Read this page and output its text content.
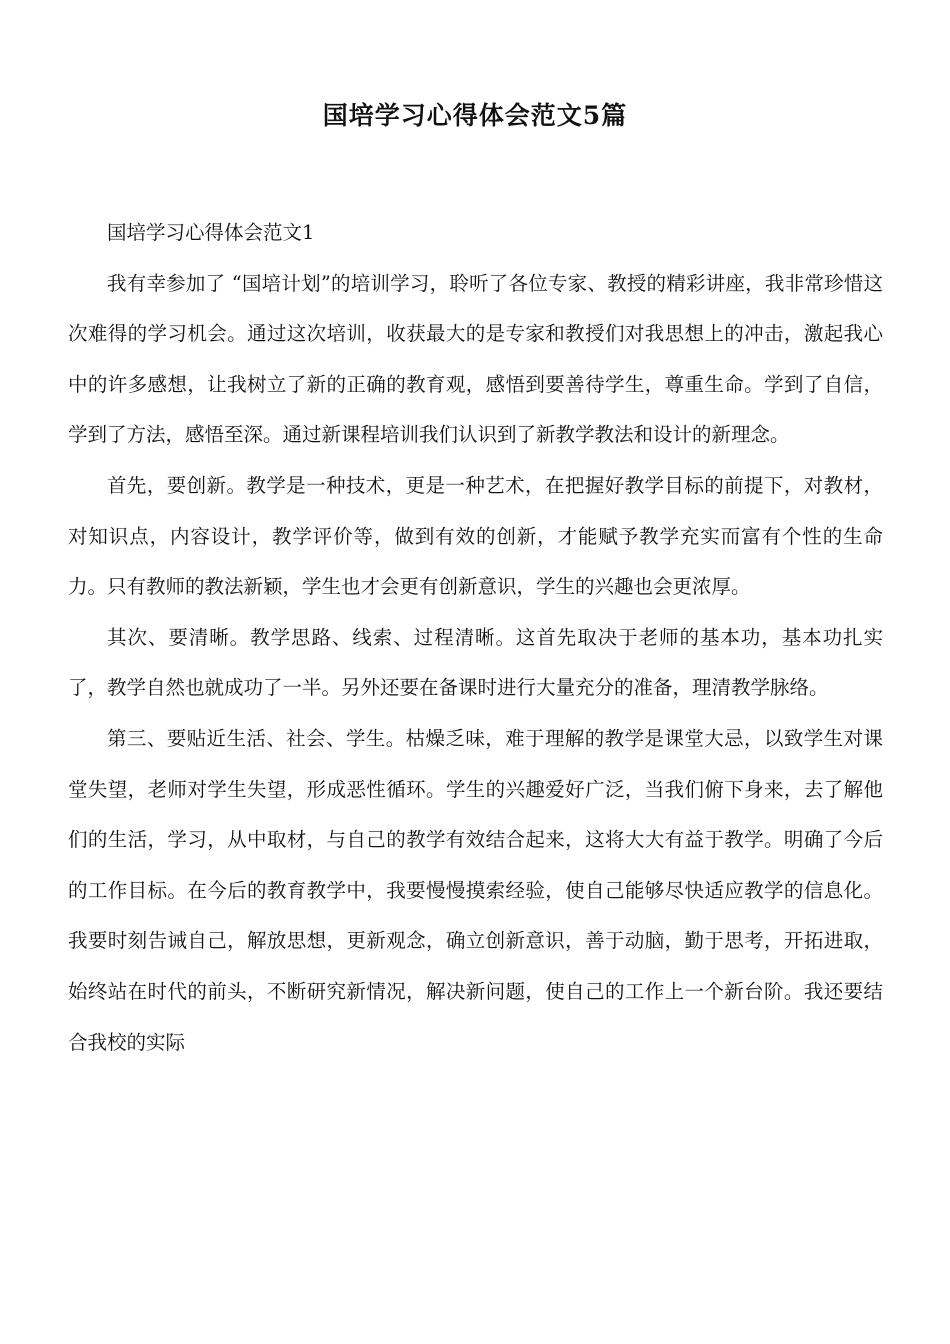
国培学习心得体会范文5篇

国培学习心得体会范文1

我有幸参加了 “国培计划”的培训学习，聆听了各位专家、教授的精彩讲座，我非常珍惜这次难得的学习机会。通过这次培训，收获最大的是专家和教授们对我思想上的冲击，激起我心中的许多感想，让我树立了新的正确的教育观，感悟到要善待学生，尊重生命。学到了自信，学到了方法，感悟至深。通过新课程培训我们认识到了新教学教法和设计的新理念。

首先，要创新。教学是一种技术，更是一种艺术，在把握好教学目标的前提下，对教材，对知识点，内容设计，教学评价等，做到有效的创新，才能赋予教学充实而富有个性的生命力。只有教师的教法新颖，学生也才会更有创新意识，学生的兴趣也会更浓厚。

其次、要清晰。教学思路、线索、过程清晰。这首先取决于老师的基本功，基本功扎实了，教学自然也就成功了一半。另外还要在备课时进行大量充分的准备，理清教学脉络。

第三、要贴近生活、社会、学生。枯燥乏味，难于理解的教学是课堂大忌，以致学生对课堂失望，老师对学生失望，形成恶性循环。学生的兴趣爱好广泛，当我们俯下身来，去了解他们的生活，学习，从中取材，与自己的教学有效结合起来，这将大大有益于教学。明确了今后的工作目标。在今后的教育教学中，我要慢慢摸索经验，使自己能够尽快适应教学的信息化。我要时刻告诫自己，解放思想，更新观念，确立创新意识，善于动脑，勤于思考，开拓进取，始终站在时代的前头，不断研究新情况，解决新问题，使自己的工作上一个新台阶。我还要结合我校的实际
